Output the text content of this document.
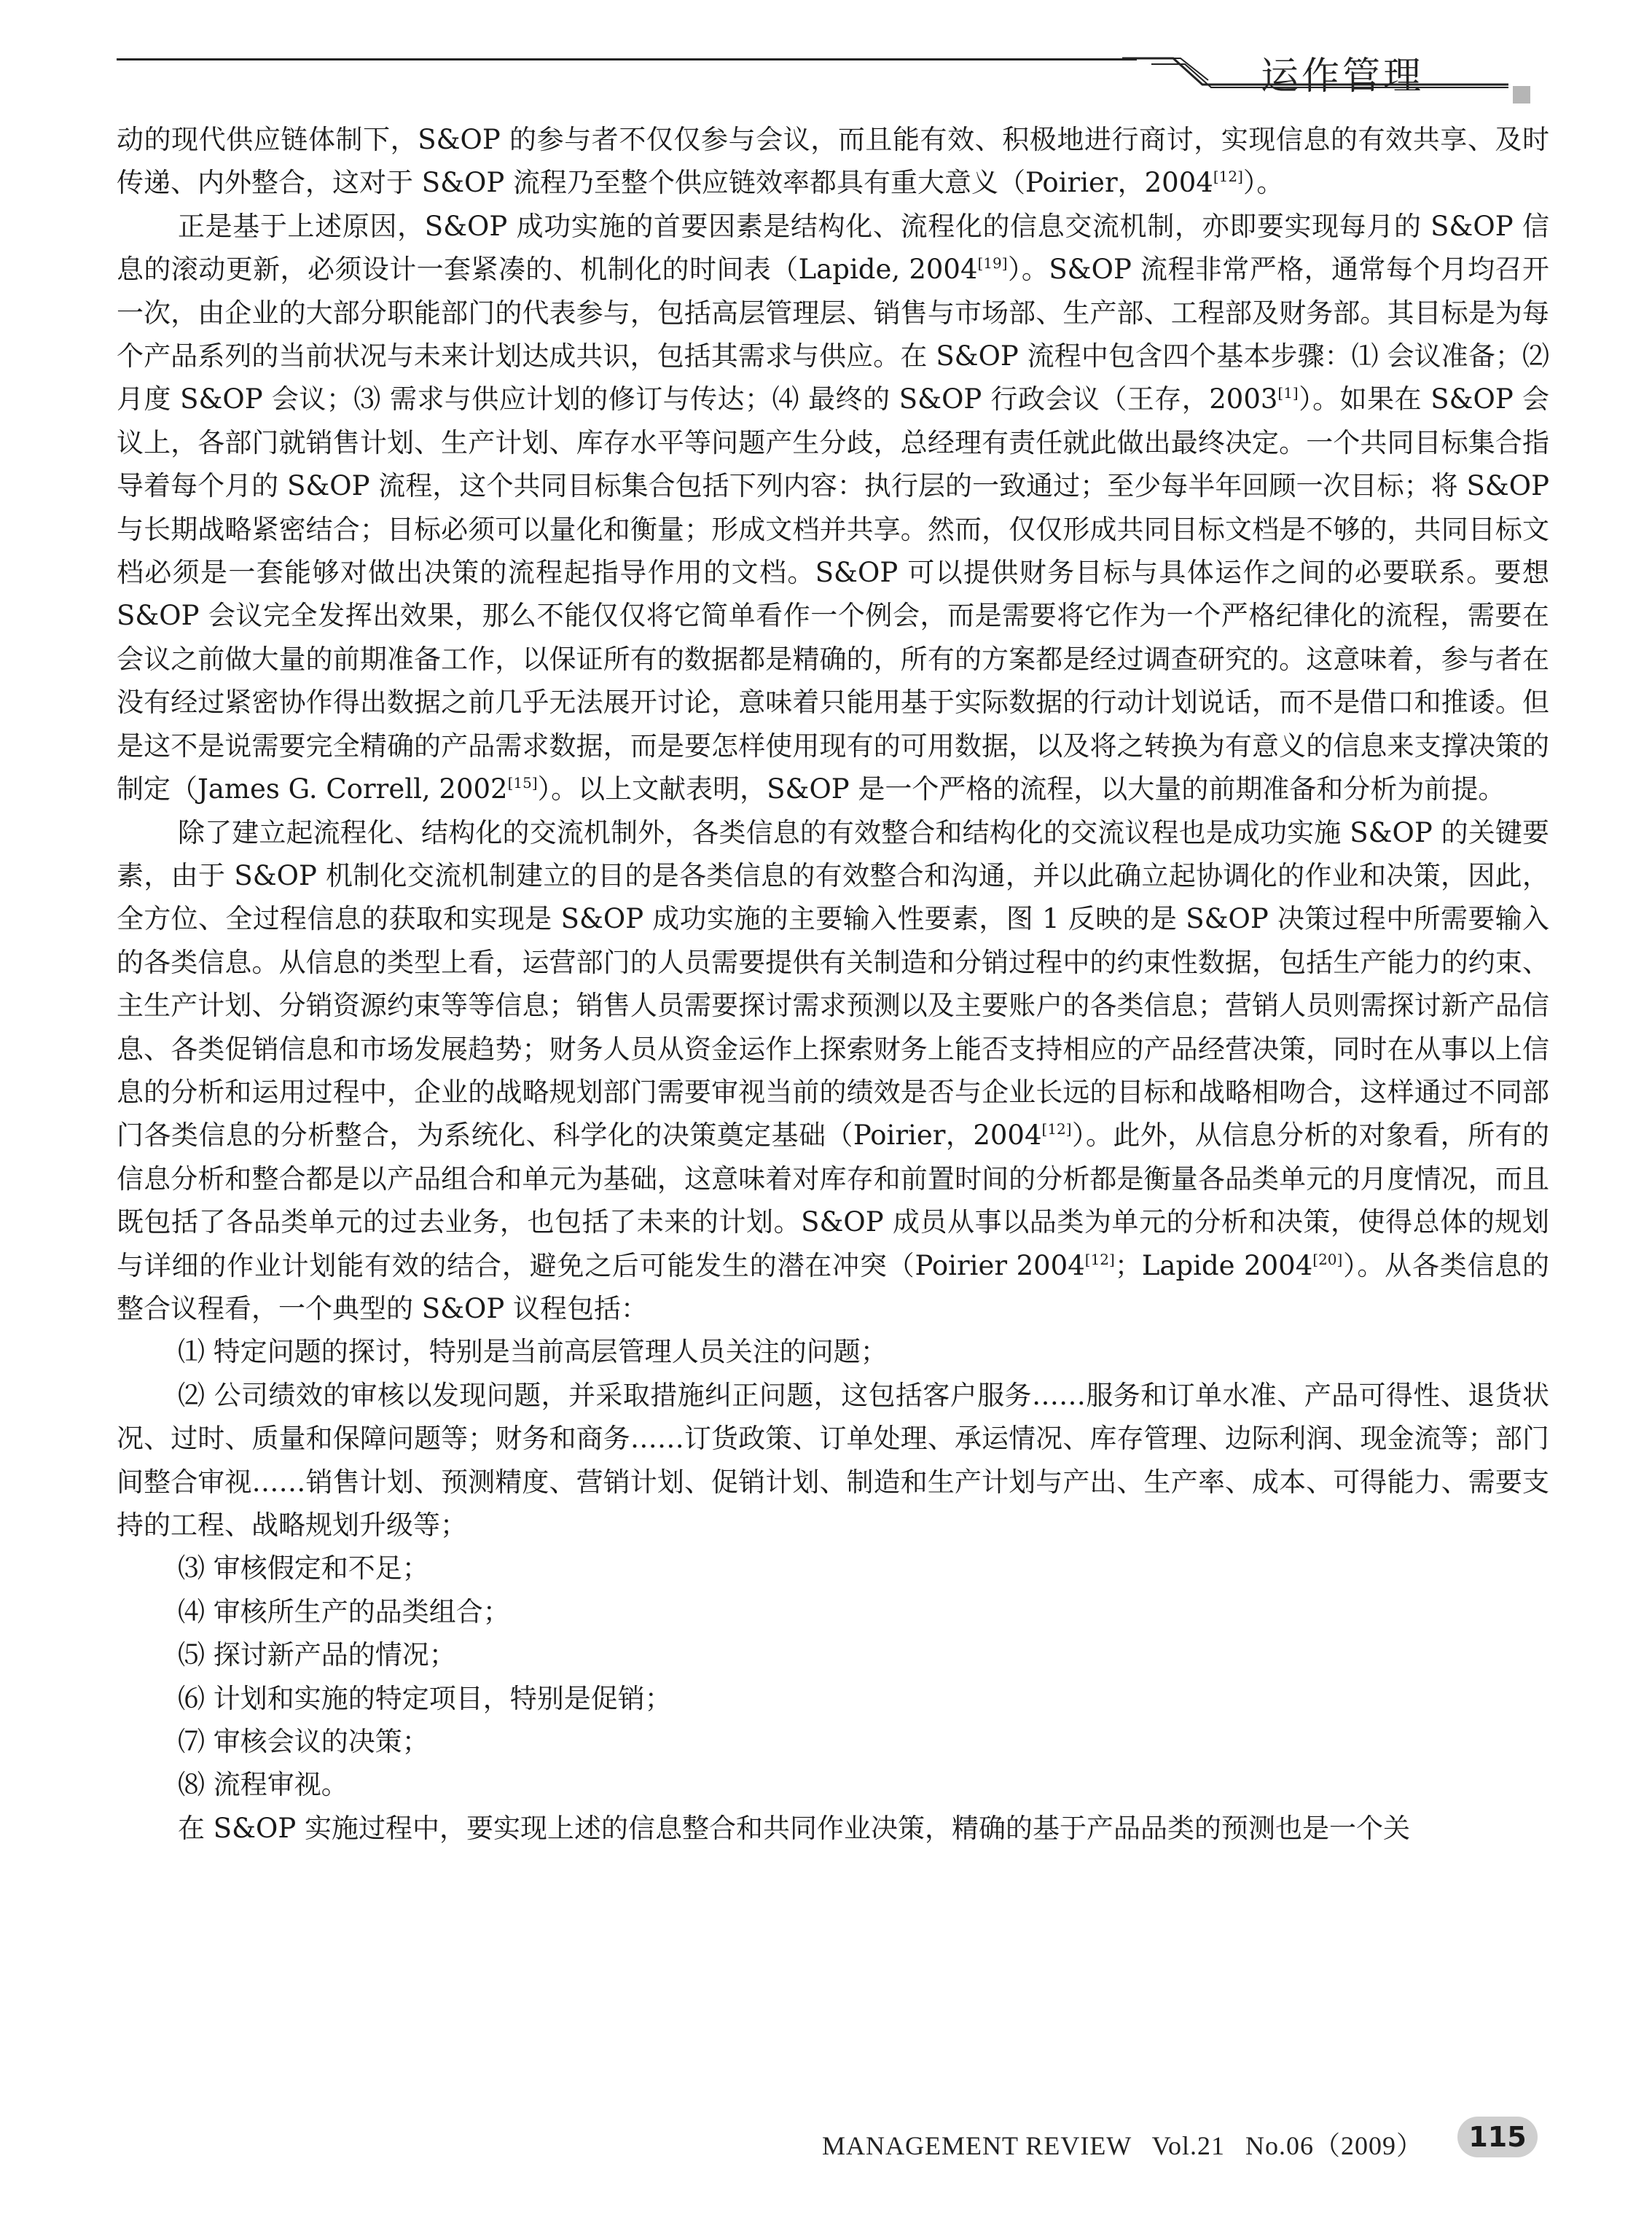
运作管理

动的现代供应链体制下，S&OP 的参与者不仅仅参与会议，而且能有效、积极地进行商讨，实现信息的有效共享、及时传递、内外整合，这对于 S&OP 流程乃至整个供应链效率都具有重大意义（Poirier，2004[12]）。

正是基于上述原因，S&OP 成功实施的首要因素是结构化、流程化的信息交流机制，亦即要实现每月的 S&OP 信息的滚动更新，必须设计一套紧凑的、机制化的时间表（Lapide, 2004[19]）。S&OP 流程非常严格，通常每个月均召开一次，由企业的大部分职能部门的代表参与，包括高层管理层、销售与市场部、生产部、工程部及财务部。其目标是为每个产品系列的当前状况与未来计划达成共识，包括其需求与供应。在 S&OP 流程中包含四个基本步骤：⑴ 会议准备；⑵ 月度 S&OP 会议；⑶ 需求与供应计划的修订与传达；⑷ 最终的 S&OP 行政会议（王存，2003[1]）。如果在 S&OP 会议上，各部门就销售计划、生产计划、库存水平等问题产生分歧，总经理有责任就此做出最终决定。一个共同目标集合指导着每个月的 S&OP 流程，这个共同目标集合包括下列内容：执行层的一致通过；至少每半年回顾一次目标；将 S&OP 与长期战略紧密结合；目标必须可以量化和衡量；形成文档并共享。然而，仅仅形成共同目标文档是不够的，共同目标文档必须是一套能够对做出决策的流程起指导作用的文档。S&OP 可以提供财务目标与具体运作之间的必要联系。要想 S&OP 会议完全发挥出效果，那么不能仅仅将它简单看作一个例会，而是需要将它作为一个严格纪律化的流程，需要在会议之前做大量的前期准备工作，以保证所有的数据都是精确的，所有的方案都是经过调查研究的。这意味着，参与者在没有经过紧密协作得出数据之前几乎无法展开讨论，意味着只能用基于实际数据的行动计划说话，而不是借口和推诿。但是这不是说需要完全精确的产品需求数据，而是要怎样使用现有的可用数据，以及将之转换为有意义的信息来支撑决策的制定（James G. Correll, 2002[15]）。以上文献表明，S&OP 是一个严格的流程，以大量的前期准备和分析为前提。

除了建立起流程化、结构化的交流机制外，各类信息的有效整合和结构化的交流议程也是成功实施 S&OP 的关键要素，由于 S&OP 机制化交流机制建立的目的是各类信息的有效整合和沟通，并以此确立起协调化的作业和决策，因此，全方位、全过程信息的获取和实现是 S&OP 成功实施的主要输入性要素，图 1 反映的是 S&OP 决策过程中所需要输入的各类信息。从信息的类型上看，运营部门的人员需要提供有关制造和分销过程中的约束性数据，包括生产能力的约束、主生产计划、分销资源约束等等信息；销售人员需要探讨需求预测以及主要账户的各类信息；营销人员则需探讨新产品信息、各类促销信息和市场发展趋势；财务人员从资金运作上探索财务上能否支持相应的产品经营决策，同时在从事以上信息的分析和运用过程中，企业的战略规划部门需要审视当前的绩效是否与企业长远的目标和战略相吻合，这样通过不同部门各类信息的分析整合，为系统化、科学化的决策奠定基础（Poirier，2004[12]）。此外，从信息分析的对象看，所有的信息分析和整合都是以产品组合和单元为基础，这意味着对库存和前置时间的分析都是衡量各品类单元的月度情况，而且既包括了各品类单元的过去业务，也包括了未来的计划。S&OP 成员从事以品类为单元的分析和决策，使得总体的规划与详细的作业计划能有效的结合，避免之后可能发生的潜在冲突（Poirier 2004[12]；Lapide 2004[20]）。从各类信息的整合议程看，一个典型的 S&OP 议程包括：

⑴ 特定问题的探讨，特别是当前高层管理人员关注的问题；

⑵ 公司绩效的审核以发现问题，并采取措施纠正问题，这包括客户服务……服务和订单水准、产品可得性、退货状况、过时、质量和保障问题等；财务和商务……订货政策、订单处理、承运情况、库存管理、边际利润、现金流等；部门间整合审视……销售计划、预测精度、营销计划、促销计划、制造和生产计划与产出、生产率、成本、可得能力、需要支持的工程、战略规划升级等；

⑶ 审核假定和不足；

⑷ 审核所生产的品类组合；

⑸ 探讨新产品的情况；

⑹ 计划和实施的特定项目，特别是促销；

⑺ 审核会议的决策；

⑻ 流程审视。

在 S&OP 实施过程中，要实现上述的信息整合和共同作业决策，精确的基于产品品类的预测也是一个关

MANAGEMENT REVIEW Vol.21 No.06（2009）	115
